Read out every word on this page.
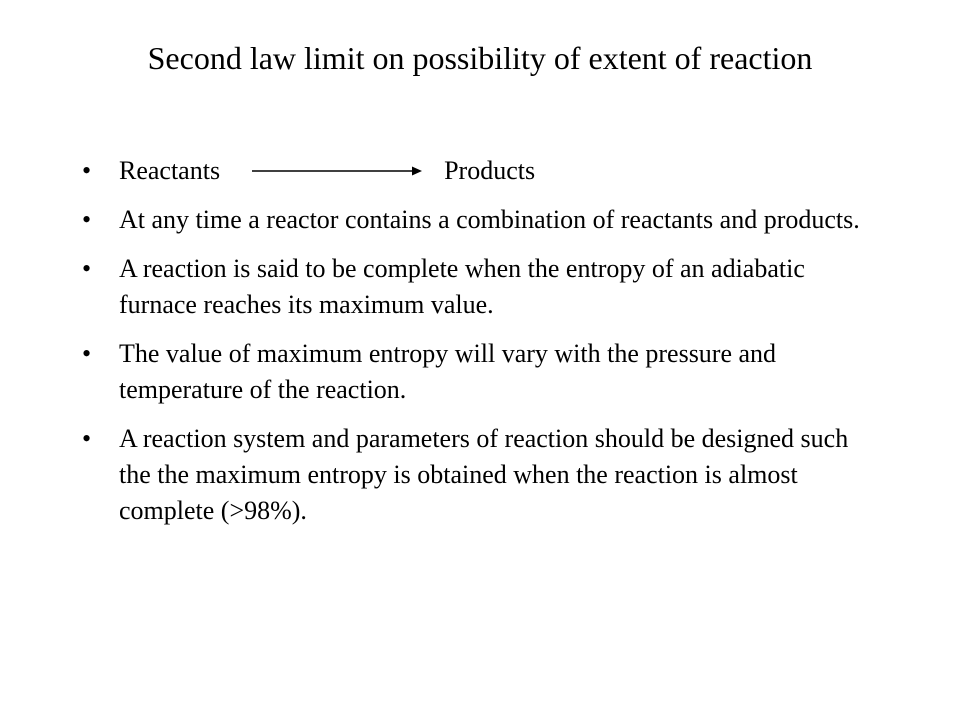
Second law limit on possibility of extent of reaction
• Reactants	Products
• At any time a reactor contains a combination of reactants and products.
• A reaction is said to be complete when the entropy of an adiabatic furnace reaches its maximum value.
• The value of maximum entropy will vary with the pressure and temperature of the reaction.
• A reaction system and parameters of reaction should be designed such the the maximum entropy is obtained when the reaction is almost complete (>98%).
